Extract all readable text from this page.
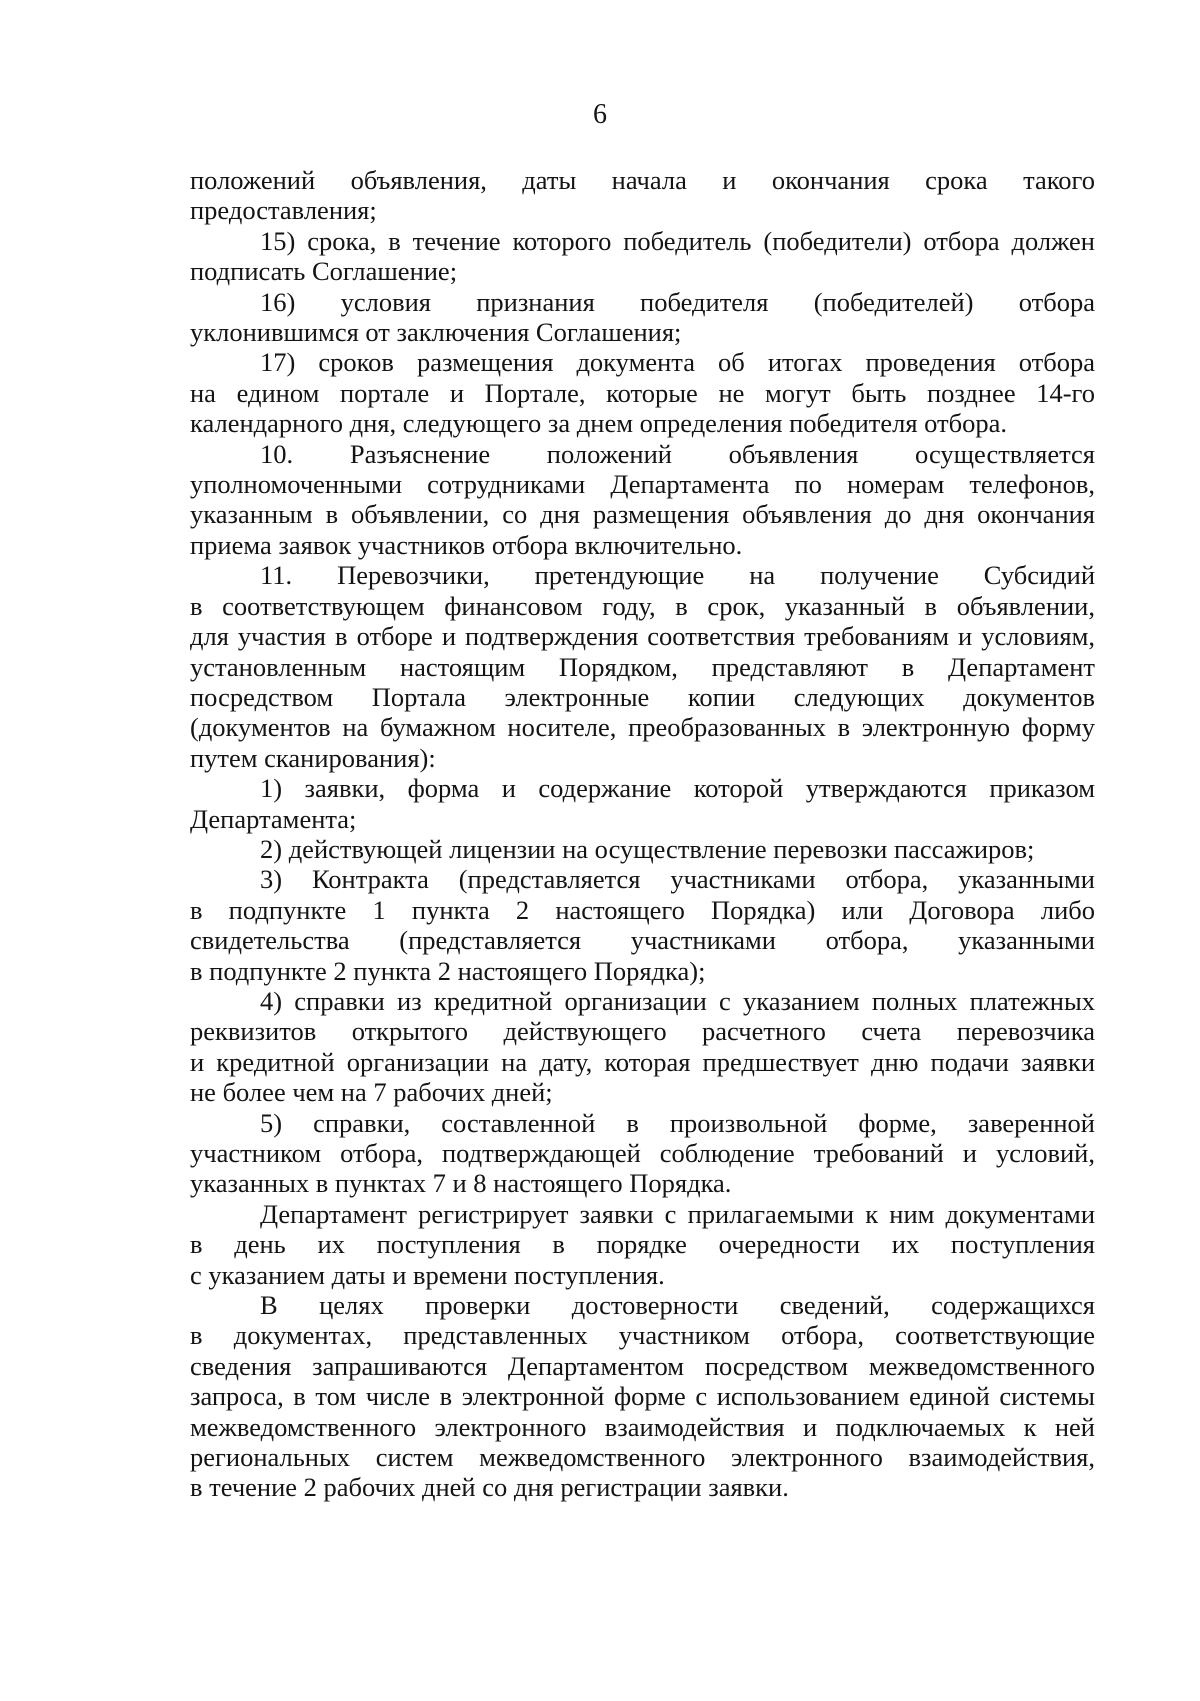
6
положений объявления, даты начала и окончания срока такого
предоставления;
15) срока, в течение которого победитель (победители) отбора должен
подписать Соглашение;
16) условия признания победителя (победителей) отбора
уклонившимся от заключения Соглашения;
17) сроков размещения документа об итогах проведения отбора
на едином портале и Портале, которые не могут быть позднее 14-го
календарного дня, следующего за днем определения победителя отбора.
10. Разъяснение положений объявления осуществляется
уполномоченными сотрудниками Департамента по номерам телефонов,
указанным в объявлении, со дня размещения объявления до дня окончания
приема заявок участников отбора включительно.
11. Перевозчики, претендующие на получение Субсидий
в соответствующем финансовом году, в срок, указанный в объявлении,
для участия в отборе и подтверждения соответствия требованиям и условиям,
установленным настоящим Порядком, представляют в Департамент
посредством Портала электронные копии следующих документов
(документов на бумажном носителе, преобразованных в электронную форму
путем сканирования):
1) заявки, форма и содержание которой утверждаются приказом
Департамента;
2) действующей лицензии на осуществление перевозки пассажиров;
3) Контракта (представляется участниками отбора, указанными
в подпункте 1 пункта 2 настоящего Порядка) или Договора либо
свидетельства (представляется участниками отбора, указанными
в подпункте 2 пункта 2 настоящего Порядка);
4) справки из кредитной организации с указанием полных платежных
реквизитов открытого действующего расчетного счета перевозчика
и кредитной организации на дату, которая предшествует дню подачи заявки
не более чем на 7 рабочих дней;
5) справки, составленной в произвольной форме, заверенной
участником отбора, подтверждающей соблюдение требований и условий,
указанных в пунктах 7 и 8 настоящего Порядка.
Департамент регистрирует заявки с прилагаемыми к ним документами
в день их поступления в порядке очередности их поступления
с указанием даты и времени поступления.
В целях проверки достоверности сведений, содержащихся
в документах, представленных участником отбора, соответствующие
сведения запрашиваются Департаментом посредством межведомственного
запроса, в том числе в электронной форме с использованием единой системы
межведомственного электронного взаимодействия и подключаемых к ней
региональных систем межведомственного электронного взаимодействия,
в течение 2 рабочих дней со дня регистрации заявки.
